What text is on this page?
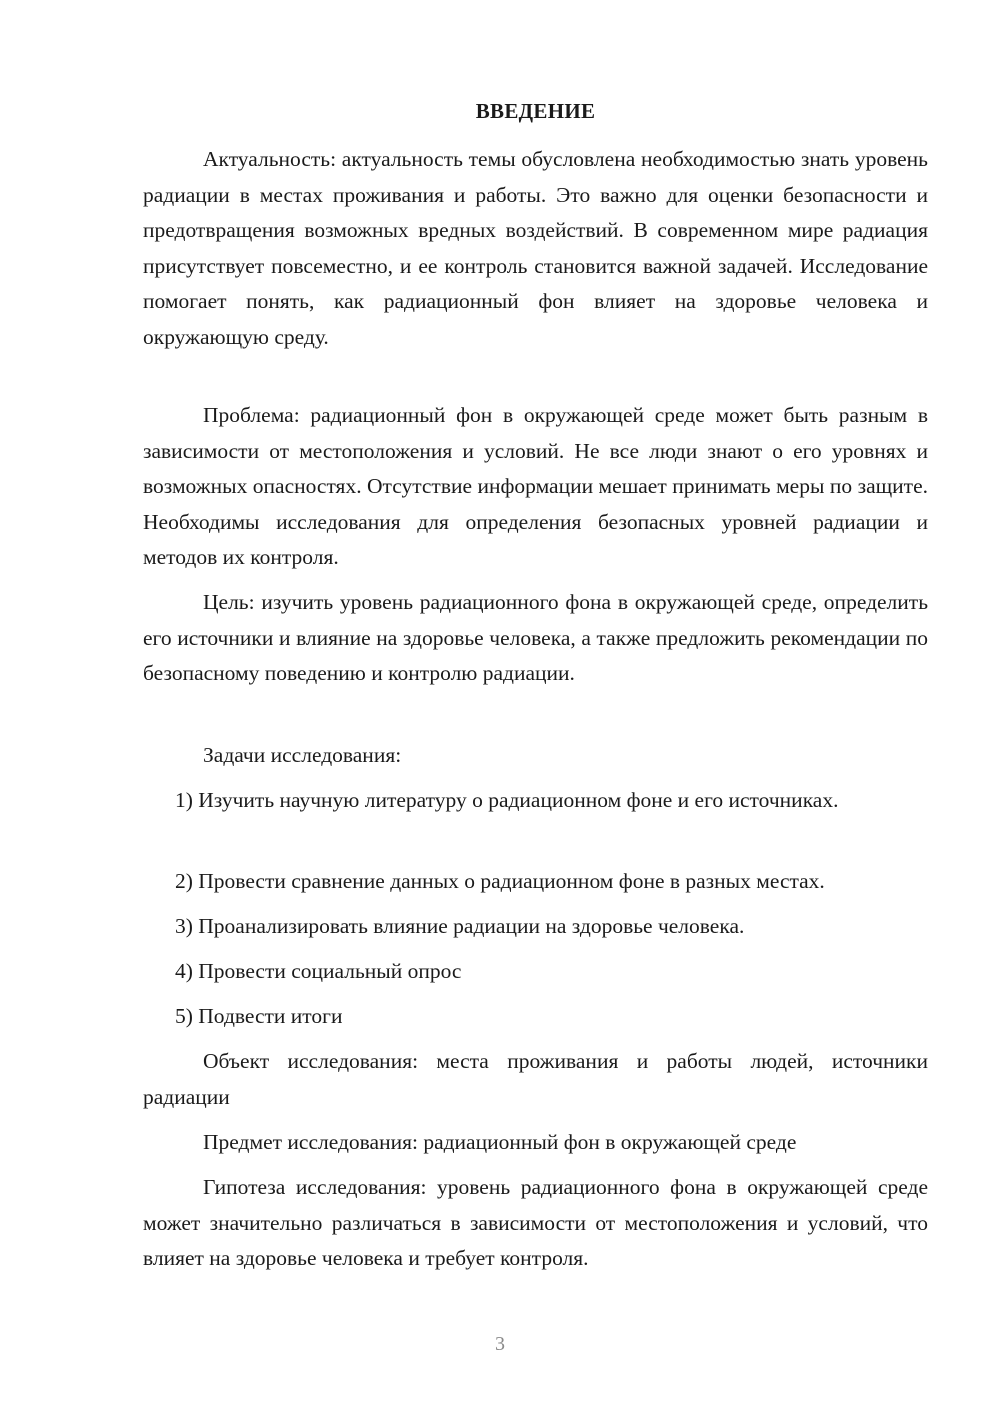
ВВЕДЕНИЕ

Актуальность: актуальность темы обусловлена необходимостью знать уровень радиации в местах проживания и работы. Это важно для оценки безопасности и предотвращения возможных вредных воздействий. В современном мире радиация присутствует повсеместно, и ее контроль становится важной задачей. Исследование помогает понять, как радиационный фон влияет на здоровье человека и окружающую среду.

Проблема: радиационный фон в окружающей среде может быть разным в зависимости от местоположения и условий. Не все люди знают о его уровнях и возможных опасностях. Отсутствие информации мешает принимать меры по защите. Необходимы исследования для определения безопасных уровней радиации и методов их контроля.

Цель: изучить уровень радиационного фона в окружающей среде, определить его источники и влияние на здоровье человека, а также предложить рекомендации по безопасному поведению и контролю радиации.

Задачи исследования:

1) Изучить научную литературу о радиационном фоне и его источниках.

2) Провести сравнение данных о радиационном фоне в разных местах.

3) Проанализировать влияние радиации на здоровье человека.

4) Провести социальный опрос

5) Подвести итоги

Объект исследования: места проживания и работы людей, источники радиации

Предмет исследования: радиационный фон в окружающей среде

Гипотеза исследования: уровень радиационного фона в окружающей среде может значительно различаться в зависимости от местоположения и условий, что влияет на здоровье человека и требует контроля.

3
